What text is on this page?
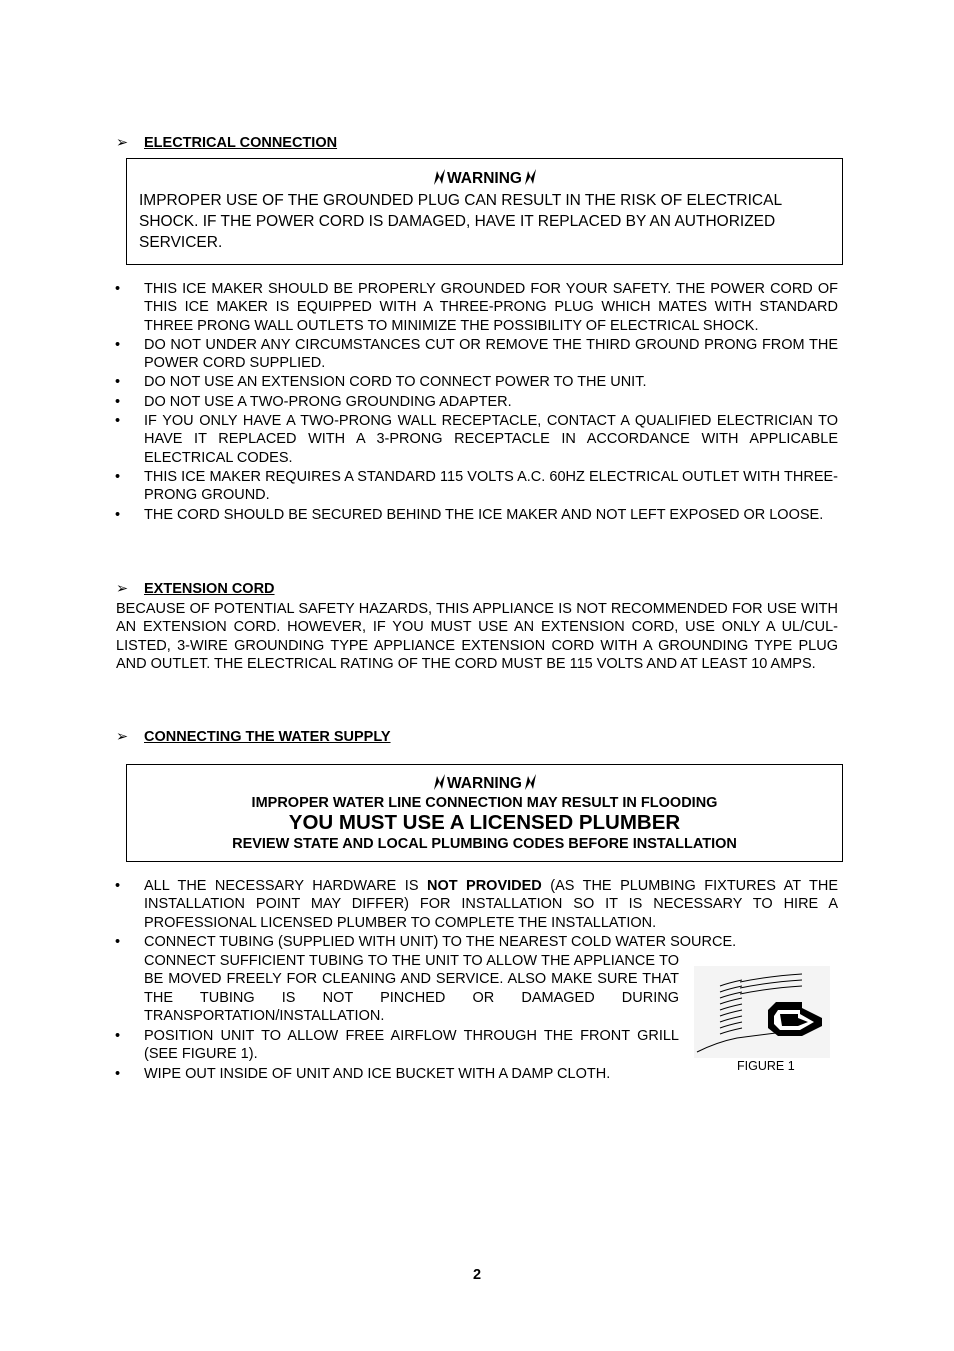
➢ ELECTRICAL CONNECTION
WARNING
IMPROPER USE OF THE GROUNDED PLUG CAN RESULT IN THE RISK OF ELECTRICAL SHOCK. IF THE POWER CORD IS DAMAGED, HAVE IT REPLACED BY AN AUTHORIZED SERVICER.
• THIS ICE MAKER SHOULD BE PROPERLY GROUNDED FOR YOUR SAFETY. THE POWER CORD OF THIS ICE MAKER IS EQUIPPED WITH A THREE-PRONG PLUG WHICH MATES WITH STANDARD THREE PRONG WALL OUTLETS TO MINIMIZE THE POSSIBILITY OF ELECTRICAL SHOCK.
• DO NOT UNDER ANY CIRCUMSTANCES CUT OR REMOVE THE THIRD GROUND PRONG FROM THE POWER CORD SUPPLIED.
• DO NOT USE AN EXTENSION CORD TO CONNECT POWER TO THE UNIT.
• DO NOT USE A TWO-PRONG GROUNDING ADAPTER.
• IF YOU ONLY HAVE A TWO-PRONG WALL RECEPTACLE, CONTACT A QUALIFIED ELECTRICIAN TO HAVE IT REPLACED WITH A 3-PRONG RECEPTACLE IN ACCORDANCE WITH APPLICABLE ELECTRICAL CODES.
• THIS ICE MAKER REQUIRES A STANDARD 115 VOLTS A.C. 60HZ ELECTRICAL OUTLET WITH THREE-PRONG GROUND.
• THE CORD SHOULD BE SECURED BEHIND THE ICE MAKER AND NOT LEFT EXPOSED OR LOOSE.
➢ EXTENSION CORD
BECAUSE OF POTENTIAL SAFETY HAZARDS, THIS APPLIANCE IS NOT RECOMMENDED FOR USE WITH AN EXTENSION CORD. HOWEVER, IF YOU MUST USE AN EXTENSION CORD, USE ONLY A UL/CUL-LISTED, 3-WIRE GROUNDING TYPE APPLIANCE EXTENSION CORD WITH A GROUNDING TYPE PLUG AND OUTLET. THE ELECTRICAL RATING OF THE CORD MUST BE 115 VOLTS AND AT LEAST 10 AMPS.
➢ CONNECTING THE WATER SUPPLY
WARNING
IMPROPER WATER LINE CONNECTION MAY RESULT IN FLOODING
YOU MUST USE A LICENSED PLUMBER
REVIEW STATE AND LOCAL PLUMBING CODES BEFORE INSTALLATION
• ALL THE NECESSARY HARDWARE IS NOT PROVIDED (AS THE PLUMBING FIXTURES AT THE INSTALLATION POINT MAY DIFFER) FOR INSTALLATION SO IT IS NECESSARY TO HIRE A PROFESSIONAL LICENSED PLUMBER TO COMPLETE THE INSTALLATION.
• CONNECT TUBING (SUPPLIED WITH UNIT) TO THE NEAREST COLD WATER SOURCE.
CONNECT SUFFICIENT TUBING TO THE UNIT TO ALLOW THE APPLIANCE TO BE MOVED FREELY FOR CLEANING AND SERVICE. ALSO MAKE SURE THAT THE TUBING IS NOT PINCHED OR DAMAGED DURING TRANSPORTATION/INSTALLATION.
• POSITION UNIT TO ALLOW FREE AIRFLOW THROUGH THE FRONT GRILL (SEE FIGURE 1).
• WIPE OUT INSIDE OF UNIT AND ICE BUCKET WITH A DAMP CLOTH.	FIGURE 1
2
